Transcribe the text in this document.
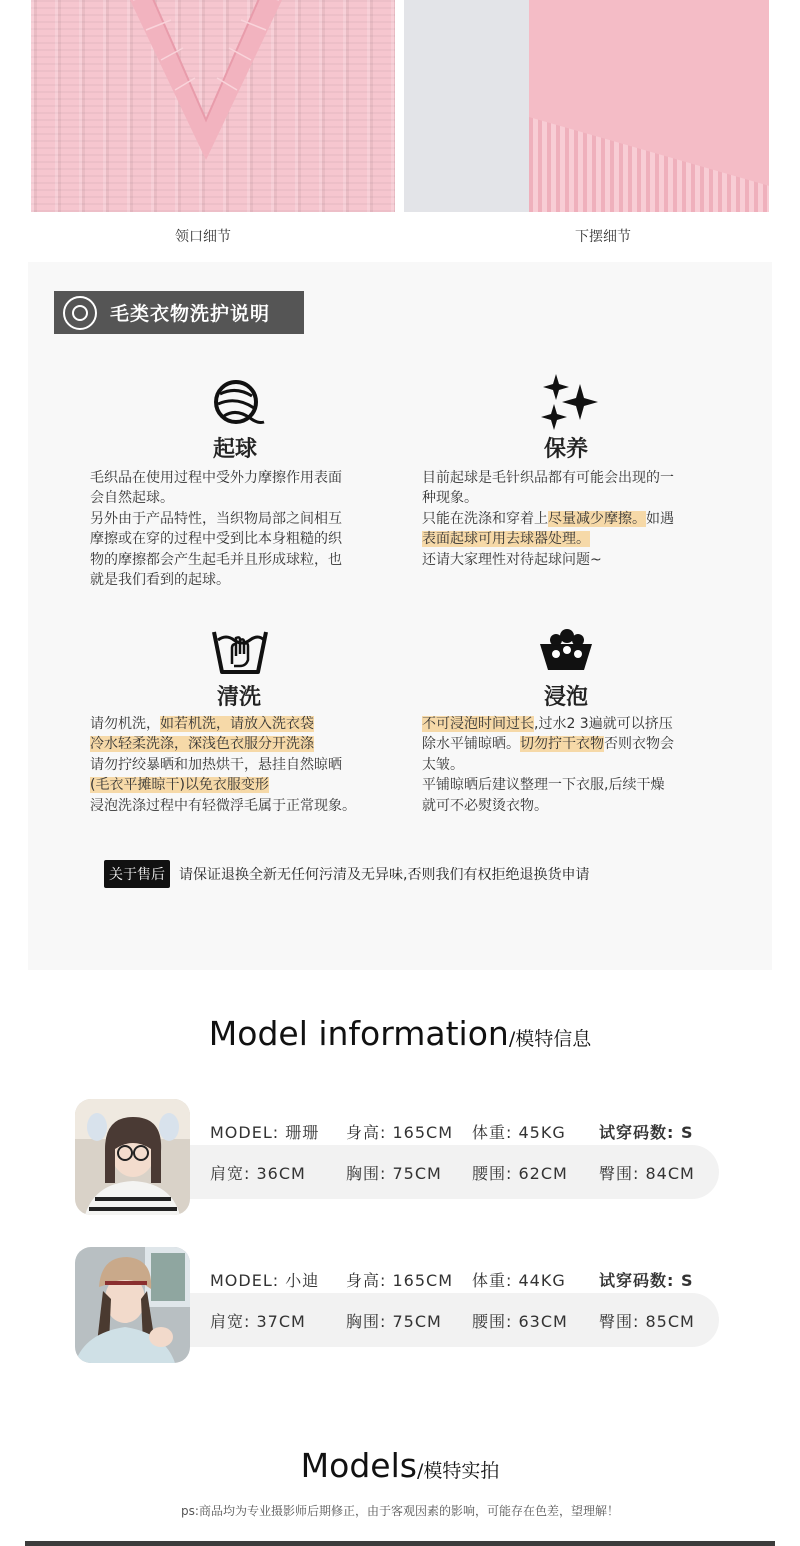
领口细节	下摆细节
毛类衣物洗护说明
起球
毛织品在使用过程中受外力摩擦作用表面
会自然起球。
另外由于产品特性，当织物局部之间相互
摩擦或在穿的过程中受到比本身粗糙的织
物的摩擦都会产生起毛并且形成球粒，也
就是我们看到的起球。
保养
目前起球是毛针织品都有可能会出现的一
种现象。
只能在洗涤和穿着上尽量减少摩擦。如遇
表面起球可用去球器处理。
还请大家理性对待起球问题~
清洗
请勿机洗，如若机洗，请放入洗衣袋
冷水轻柔洗涤，深浅色衣服分开洗涤
请勿拧绞暴晒和加热烘干，悬挂自然晾晒
(毛衣平摊晾干)以免衣服变形
浸泡洗涤过程中有轻微浮毛属于正常现象。
浸泡
不可浸泡时间过长,过水2 3遍就可以挤压
除水平铺晾晒。切勿拧干衣物否则衣物会
太皱。
平铺晾晒后建议整理一下衣服,后续干燥
就可不必熨烫衣物。
关于售后	请保证退换全新无任何污清及无异味,否则我们有权拒绝退换货申请
Model information/模特信息
MODEL: 珊珊	身高: 165CM	体重: 45KG	试穿码数: S
肩宽: 36CM	胸围: 75CM	腰围: 62CM	臀围: 84CM
MODEL: 小迪	身高: 165CM	体重: 44KG	试穿码数: S
肩宽: 37CM	胸围: 75CM	腰围: 63CM	臀围: 85CM
Models/模特实拍
ps:商品均为专业摄影师后期修正，由于客观因素的影响，可能存在色差，望理解！
